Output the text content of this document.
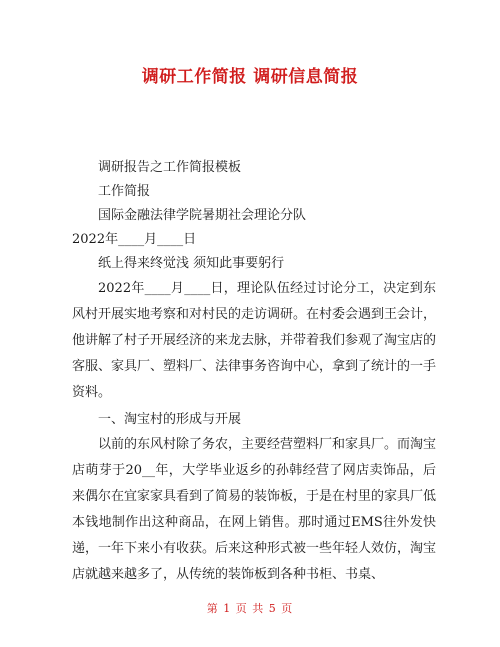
调研工作简报 调研信息简报
调研报告之工作简报模板
工作简报
国际金融法律学院暑期社会理论分队
2022年____月____日
纸上得来终觉浅 须知此事要躬行

2022年____月____日，理论队伍经过讨论分工，决定到东风村开展实地考察和对村民的走访调研。在村委会遇到王会计，他讲解了村子开展经济的来龙去脉，并带着我们参观了淘宝店的客服、家具厂、塑料厂、法律事务咨询中心，拿到了统计的一手资料。

一、淘宝村的形成与开展

以前的东风村除了务农，主要经营塑料厂和家具厂。而淘宝店萌芽于20__年，大学毕业返乡的孙韩经营了网店卖饰品，后来偶尔在宜家家具看到了简易的装饰板，于是在村里的家具厂低本钱地制作出这种商品，在网上销售。那时通过EMS往外发快递，一年下来小有收获。后来这种形式被一些年轻人效仿，淘宝店就越来越多了，从传统的装饰板到各种书柜、书桌、

第 1 页 共 5 页
